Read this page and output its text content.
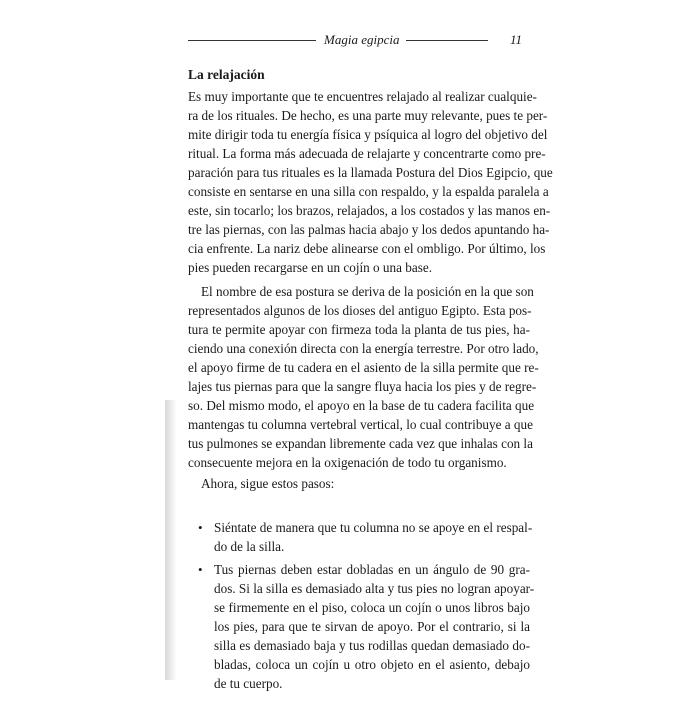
Magia egipcia	11
La relajación
Es muy importante que te encuentres relajado al realizar cualquie-
ra de los rituales. De hecho, es una parte muy relevante, pues te per-
mite dirigir toda tu energía física y psíquica al logro del objetivo del
ritual. La forma más adecuada de relajarte y concentrarte como pre-
paración para tus rituales es la llamada Postura del Dios Egipcio, que
consiste en sentarse en una silla con respaldo, y la espalda paralela a
este, sin tocarlo; los brazos, relajados, a los costados y las manos en-
tre las piernas, con las palmas hacia abajo y los dedos apuntando ha-
cia enfrente. La nariz debe alinearse con el ombligo. Por último, los
pies pueden recargarse en un cojín o una base.
El nombre de esa postura se deriva de la posición en la que son
representados algunos de los dioses del antiguo Egipto. Esta pos-
tura te permite apoyar con firmeza toda la planta de tus pies, ha-
ciendo una conexión directa con la energía terrestre. Por otro lado,
el apoyo firme de tu cadera en el asiento de la silla permite que re-
lajes tus piernas para que la sangre fluya hacia los pies y de regre-
so. Del mismo modo, el apoyo en la base de tu cadera facilita que
mantengas tu columna vertebral vertical, lo cual contribuye a que
tus pulmones se expandan libremente cada vez que inhalas con la
consecuente mejora en la oxigenación de todo tu organismo.
Ahora, sigue estos pasos:
• Siéntate de manera que tu columna no se apoye en el respal-
do de la silla.
• Tus piernas deben estar dobladas en un ángulo de 90 gra-
dos. Si la silla es demasiado alta y tus pies no logran apoyar-
se firmemente en el piso, coloca un cojín o unos libros bajo
los pies, para que te sirvan de apoyo. Por el contrario, si la
silla es demasiado baja y tus rodillas quedan demasiado do-
bladas, coloca un cojín u otro objeto en el asiento, debajo
de tu cuerpo.
